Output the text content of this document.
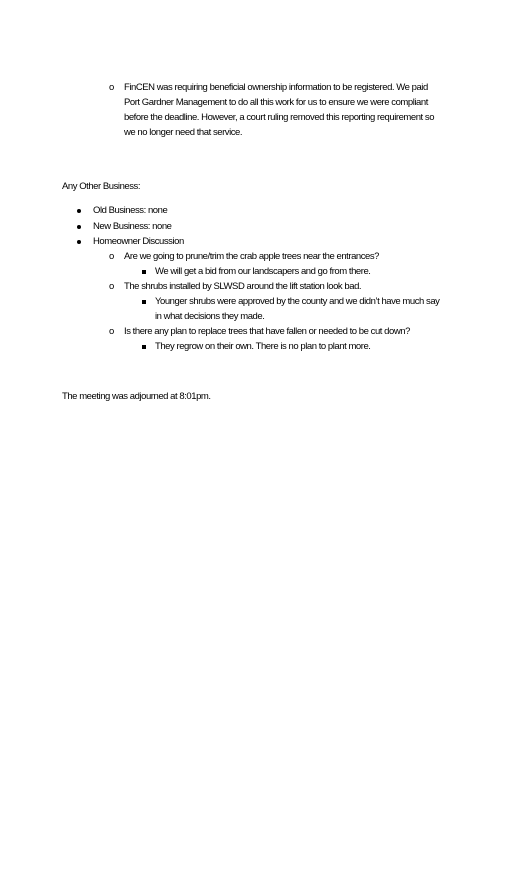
o FinCEN was requiring beneficial ownership information to be registered. We paid
Port Gardner Management to do all this work for us to ensure we were compliant
before the deadline. However, a court ruling removed this reporting requirement so
we no longer need that service.
Any Other Business:
Old Business: none
New Business: none
Homeowner Discussion
o Are we going to prune/trim the crab apple trees near the entrances?
We will get a bid from our landscapers and go from there.
o The shrubs installed by SLWSD around the lift station look bad.
Younger shrubs were approved by the county and we didn’t have much say
in what decisions they made.
o Is there any plan to replace trees that have fallen or needed to be cut down?
They regrow on their own. There is no plan to plant more.
The meeting was adjourned at 8:01pm.
